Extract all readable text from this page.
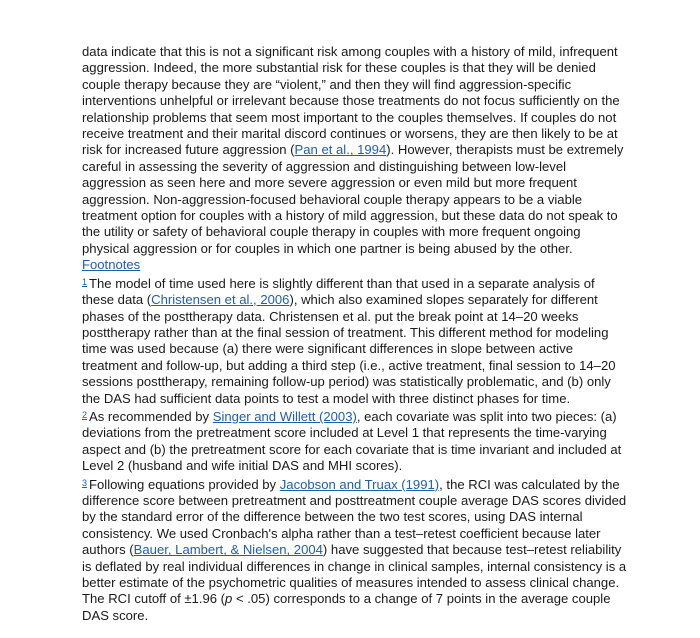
data indicate that this is not a significant risk among couples with a history of mild, infrequent aggression. Indeed, the more substantial risk for these couples is that they will be denied couple therapy because they are “violent,” and then they will find aggression-specific interventions unhelpful or irrelevant because those treatments do not focus sufficiently on the relationship problems that seem most important to the couples themselves. If couples do not receive treatment and their marital discord continues or worsens, they are then likely to be at risk for increased future aggression (Pan et al., 1994). However, therapists must be extremely careful in assessing the severity of aggression and distinguishing between low-level aggression as seen here and more severe aggression or even mild but more frequent aggression. Non-aggression-focused behavioral couple therapy appears to be a viable treatment option for couples with a history of mild aggression, but these data do not speak to the utility or safety of behavioral couple therapy in couples with more frequent ongoing physical aggression or for couples in which one partner is being abused by the other.

Footnotes

$^1$ The model of time used here is slightly different than that used in a separate analysis of these data (Christensen et al., 2006), which also examined slopes separately for different phases of the posttherapy data. Christensen et al. put the break point at 14–20 weeks posttherapy rather than at the final session of treatment. This different method for modeling time was used because (a) there were significant differences in slope between active treatment and follow-up, but adding a third step (i.e., active treatment, final session to 14–20 sessions posttherapy, remaining follow-up period) was statistically problematic, and (b) only the DAS had sufficient data points to test a model with three distinct phases for time.

$^2$ As recommended by Singer and Willett (2003), each covariate was split into two pieces: (a) deviations from the pretreatment score included at Level 1 that represents the time-varying aspect and (b) the pretreatment score for each covariate that is time invariant and included at Level 2 (husband and wife initial DAS and MHI scores).

$^3$ Following equations provided by Jacobson and Truax (1991), the RCI was calculated by the difference score between pretreatment and posttreatment couple average DAS scores divided by the standard error of the difference between the two test scores, using DAS internal consistency. We used Cronbach's alpha rather than a test–retest coefficient because later authors (Bauer, Lambert, & Nielsen, 2004) have suggested that because test–retest reliability is deflated by real individual differences in change in clinical samples, internal consistency is a better estimate of the psychometric qualities of measures intended to assess clinical change. The RCI cutoff of ±1.96 (p < .05) corresponds to a change of 7 points in the average couple DAS score.
